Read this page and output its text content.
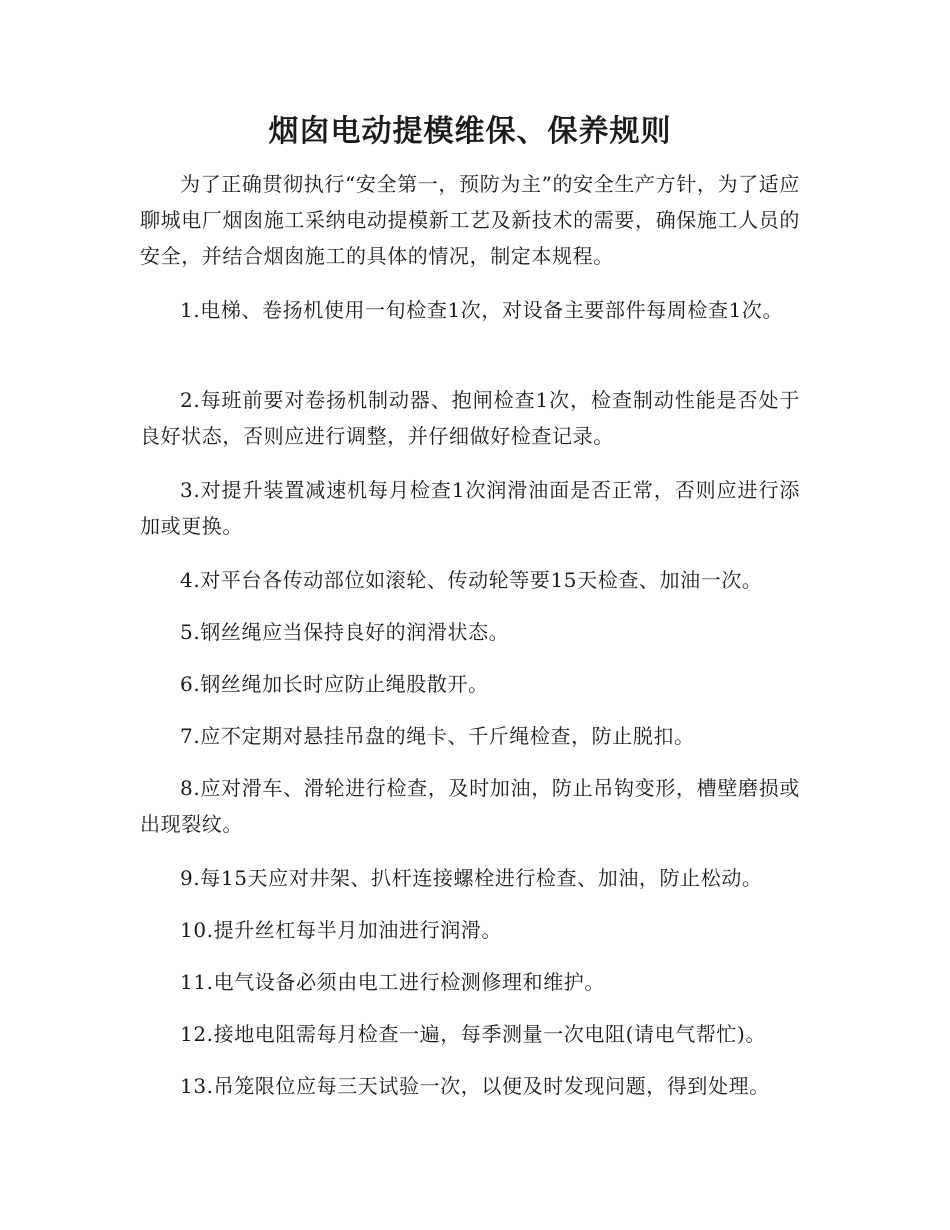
烟囱电动提模维保、保养规则

为了正确贯彻执行“安全第一，预防为主”的安全生产方针，为了适应聊城电厂烟囱施工采纳电动提模新工艺及新技术的需要，确保施工人员的安全，并结合烟囱施工的具体的情况，制定本规程。

1.电梯、卷扬机使用一旬检查1次，对设备主要部件每周检查1次。

2.每班前要对卷扬机制动器、抱闸检查1次，检查制动性能是否处于良好状态，否则应进行调整，并仔细做好检查记录。

3.对提升装置减速机每月检查1次润滑油面是否正常，否则应进行添加或更换。

4.对平台各传动部位如滚轮、传动轮等要15天检查、加油一次。

5.钢丝绳应当保持良好的润滑状态。

6.钢丝绳加长时应防止绳股散开。

7.应不定期对悬挂吊盘的绳卡、千斤绳检查，防止脱扣。

8.应对滑车、滑轮进行检查，及时加油，防止吊钩变形，槽壁磨损或出现裂纹。

9.每15天应对井架、扒杆连接螺栓进行检查、加油，防止松动。

10.提升丝杠每半月加油进行润滑。

11.电气设备必须由电工进行检测修理和维护。

12.接地电阻需每月检查一遍，每季测量一次电阻(请电气帮忙)。

13.吊笼限位应每三天试验一次，以便及时发现问题，得到处理。
